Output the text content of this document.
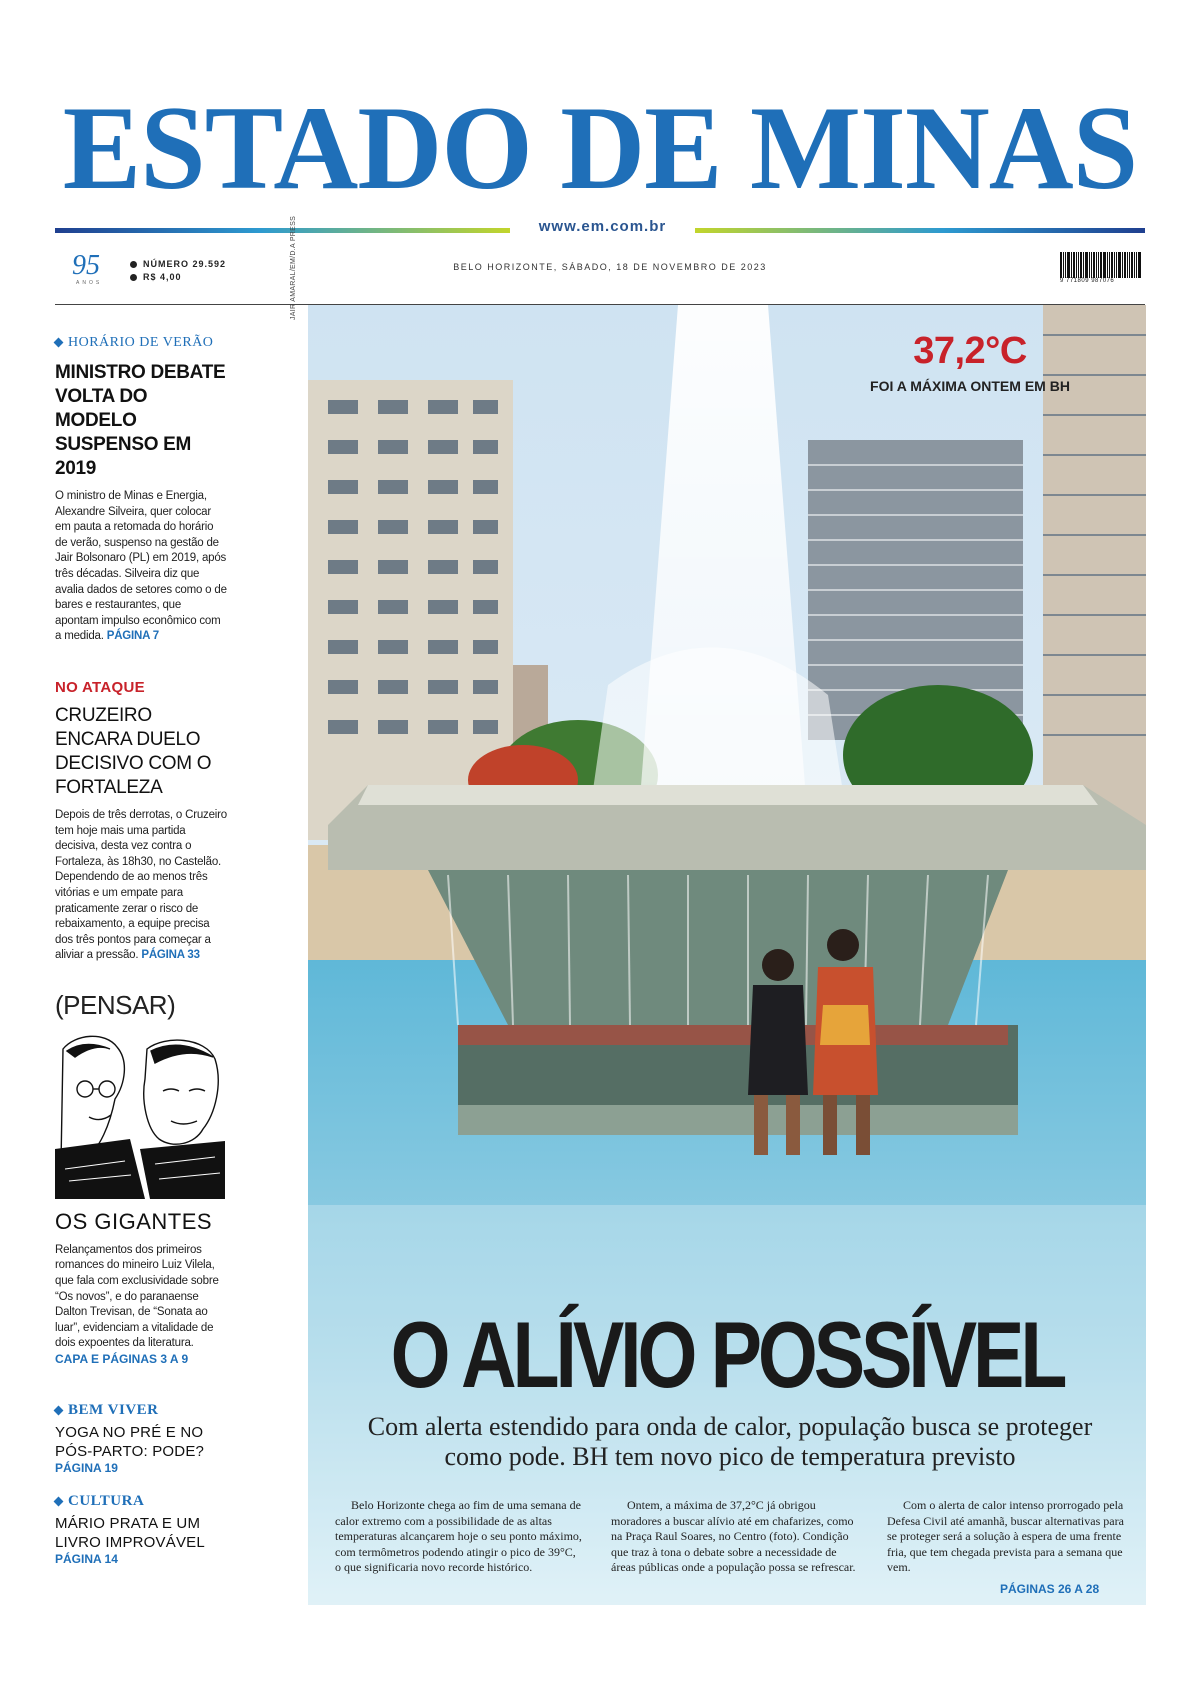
ESTADO DE MINAS
www.em.com.br
95
ANOS
NÚMERO 29.592
R$ 4,00
BELO HORIZONTE, SÁBADO, 18 DE NOVEMBRO DE 2023
9 771809 987076
HORÁRIO DE VERÃO
MINISTRO DEBATE VOLTA DO MODELO SUSPENSO EM 2019
O ministro de Minas e Energia, Alexandre Silveira, quer colocar em pauta a retomada do horário de verão, suspenso na gestão de Jair Bolsonaro (PL) em 2019, após três décadas. Silveira diz que avalia dados de setores como o de bares e restaurantes, que apontam impulso econômico com a medida. PÁGINA 7
NO ATAQUE
CRUZEIRO ENCARA DUELO DECISIVO COM O FORTALEZA
Depois de três derrotas, o Cruzeiro tem hoje mais uma partida decisiva, desta vez contra o Fortaleza, às 18h30, no Castelão. Dependendo de ao menos três vitórias e um empate para praticamente zerar o risco de rebaixamento, a equipe precisa dos três pontos para começar a aliviar a pressão. PÁGINA 33
(PENSAR)
OS GIGANTES
Relançamentos dos primeiros romances do mineiro Luiz Vilela, que fala com exclusividade sobre “Os novos”, e do paranaense Dalton Trevisan, de “Sonata ao luar”, evidenciam a vitalidade de dois expoentes da literatura.
CAPA E PÁGINAS 3 A 9
BEM VIVER
YOGA NO PRÉ E NO PÓS-PARTO: PODE?
PÁGINA 19
CULTURA
MÁRIO PRATA E UM LIVRO IMPROVÁVEL
PÁGINA 14
JAIR AMARAL/EM/D.A PRESS
37,2°C
FOI A MÁXIMA ONTEM EM BH
O ALÍVIO POSSÍVEL
Com alerta estendido para onda de calor, população busca se proteger como pode. BH tem novo pico de temperatura previsto
Belo Horizonte chega ao fim de uma semana de calor extremo com a possibilidade de as altas temperaturas alcançarem hoje o seu ponto máximo, com termômetros podendo atingir o pico de 39°C, o que significaria novo recorde histórico.
Ontem, a máxima de 37,2°C já obrigou moradores a buscar alívio até em chafarizes, como na Praça Raul Soares, no Centro (foto). Condição que traz à tona o debate sobre a necessidade de áreas públicas onde a população possa se refrescar.
Com o alerta de calor intenso prorrogado pela Defesa Civil até amanhã, buscar alternativas para se proteger será a solução à espera de uma frente fria, que tem chegada prevista para a semana que vem.
PÁGINAS 26 A 28
